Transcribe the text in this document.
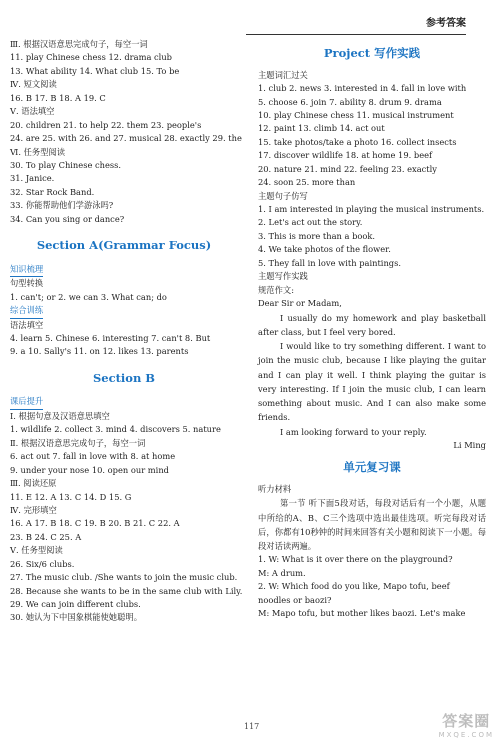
参考答案
Ⅲ. 根据汉语意思完成句子，每空一词
11. play Chinese chess 12. drama club
13. What ability 14. What club 15. To be
Ⅳ. 短文阅读
16. B 17. B 18. A 19. C
Ⅴ. 语法填空
20. children 21. to help 22. them 23. people's
24. are 25. with 26. and 27. musical 28. exactly 29. the
Ⅵ. 任务型阅读
30. To play Chinese chess.
31. Janice.
32. Star Rock Band.
33. 你能帮助他们学游泳吗?
34. Can you sing or dance?
Section A(Grammar Focus)
知识梳理
句型转换
1. can't; or 2. we can 3. What can; do
综合训练
语法填空
4. learn 5. Chinese 6. interesting 7. can't 8. But
9. a 10. Sally's 11. on 12. likes 13. parents
Section B
课后提升
Ⅰ. 根据句意及汉语意思填空
1. wildlife 2. collect 3. mind 4. discovers 5. nature
Ⅱ. 根据汉语意思完成句子，每空一词
6. act out 7. fall in love with 8. at home
9. under your nose 10. open our mind
Ⅲ. 阅读还原
11. E 12. A 13. C 14. D 15. G
Ⅳ. 完形填空
16. A 17. B 18. C 19. B 20. B 21. C 22. A
23. B 24. C 25. A
Ⅴ. 任务型阅读
26. Six/6 clubs.
27. The music club. /She wants to join the music club.
28. Because she wants to be in the same club with Lily.
29. We can join different clubs.
30. 她认为下中国象棋能使她聪明。
Project 写作实践
主题词汇过关
1. club 2. news 3. interested in 4. fall in love with
5. choose 6. join 7. ability 8. drum 9. drama
10. play Chinese chess 11. musical instrument
12. paint 13. climb 14. act out
15. take photos/take a photo 16. collect insects
17. discover wildlife 18. at home 19. beef
20. nature 21. mind 22. feeling 23. exactly
24. soon 25. more than
主题句子仿写
1. I am interested in playing the musical instruments.
2. Let's act out the story.
3. This is more than a book.
4. We take photos of the flower.
5. They fall in love with paintings.
主题写作实践
规范作文:
Dear Sir or Madam,
I usually do my homework and play basketball after class, but I feel very bored.
I would like to try something different. I want to join the music club, because I like playing the guitar and I can play it well. I think playing the guitar is very interesting. If I join the music club, I can learn something about music. And I can also make some friends.
I am looking forward to your reply.
Li Ming
单元复习课
听力材料
第一节 听下面5段对话，每段对话后有一个小题，从题中所给的A、B、C三个选项中选出最佳选项。听完每段对话后，你都有10秒钟的时间来回答有关小题和阅读下一小题。每段对话读两遍。
1. W: What is it over there on the playground?
M: A drum.
2. W: Which food do you like, Mapo tofu, beef
noodles or baozi?
M: Mapo tofu, but mother likes baozi. Let's make
117	答案圈
MXQE.COM
